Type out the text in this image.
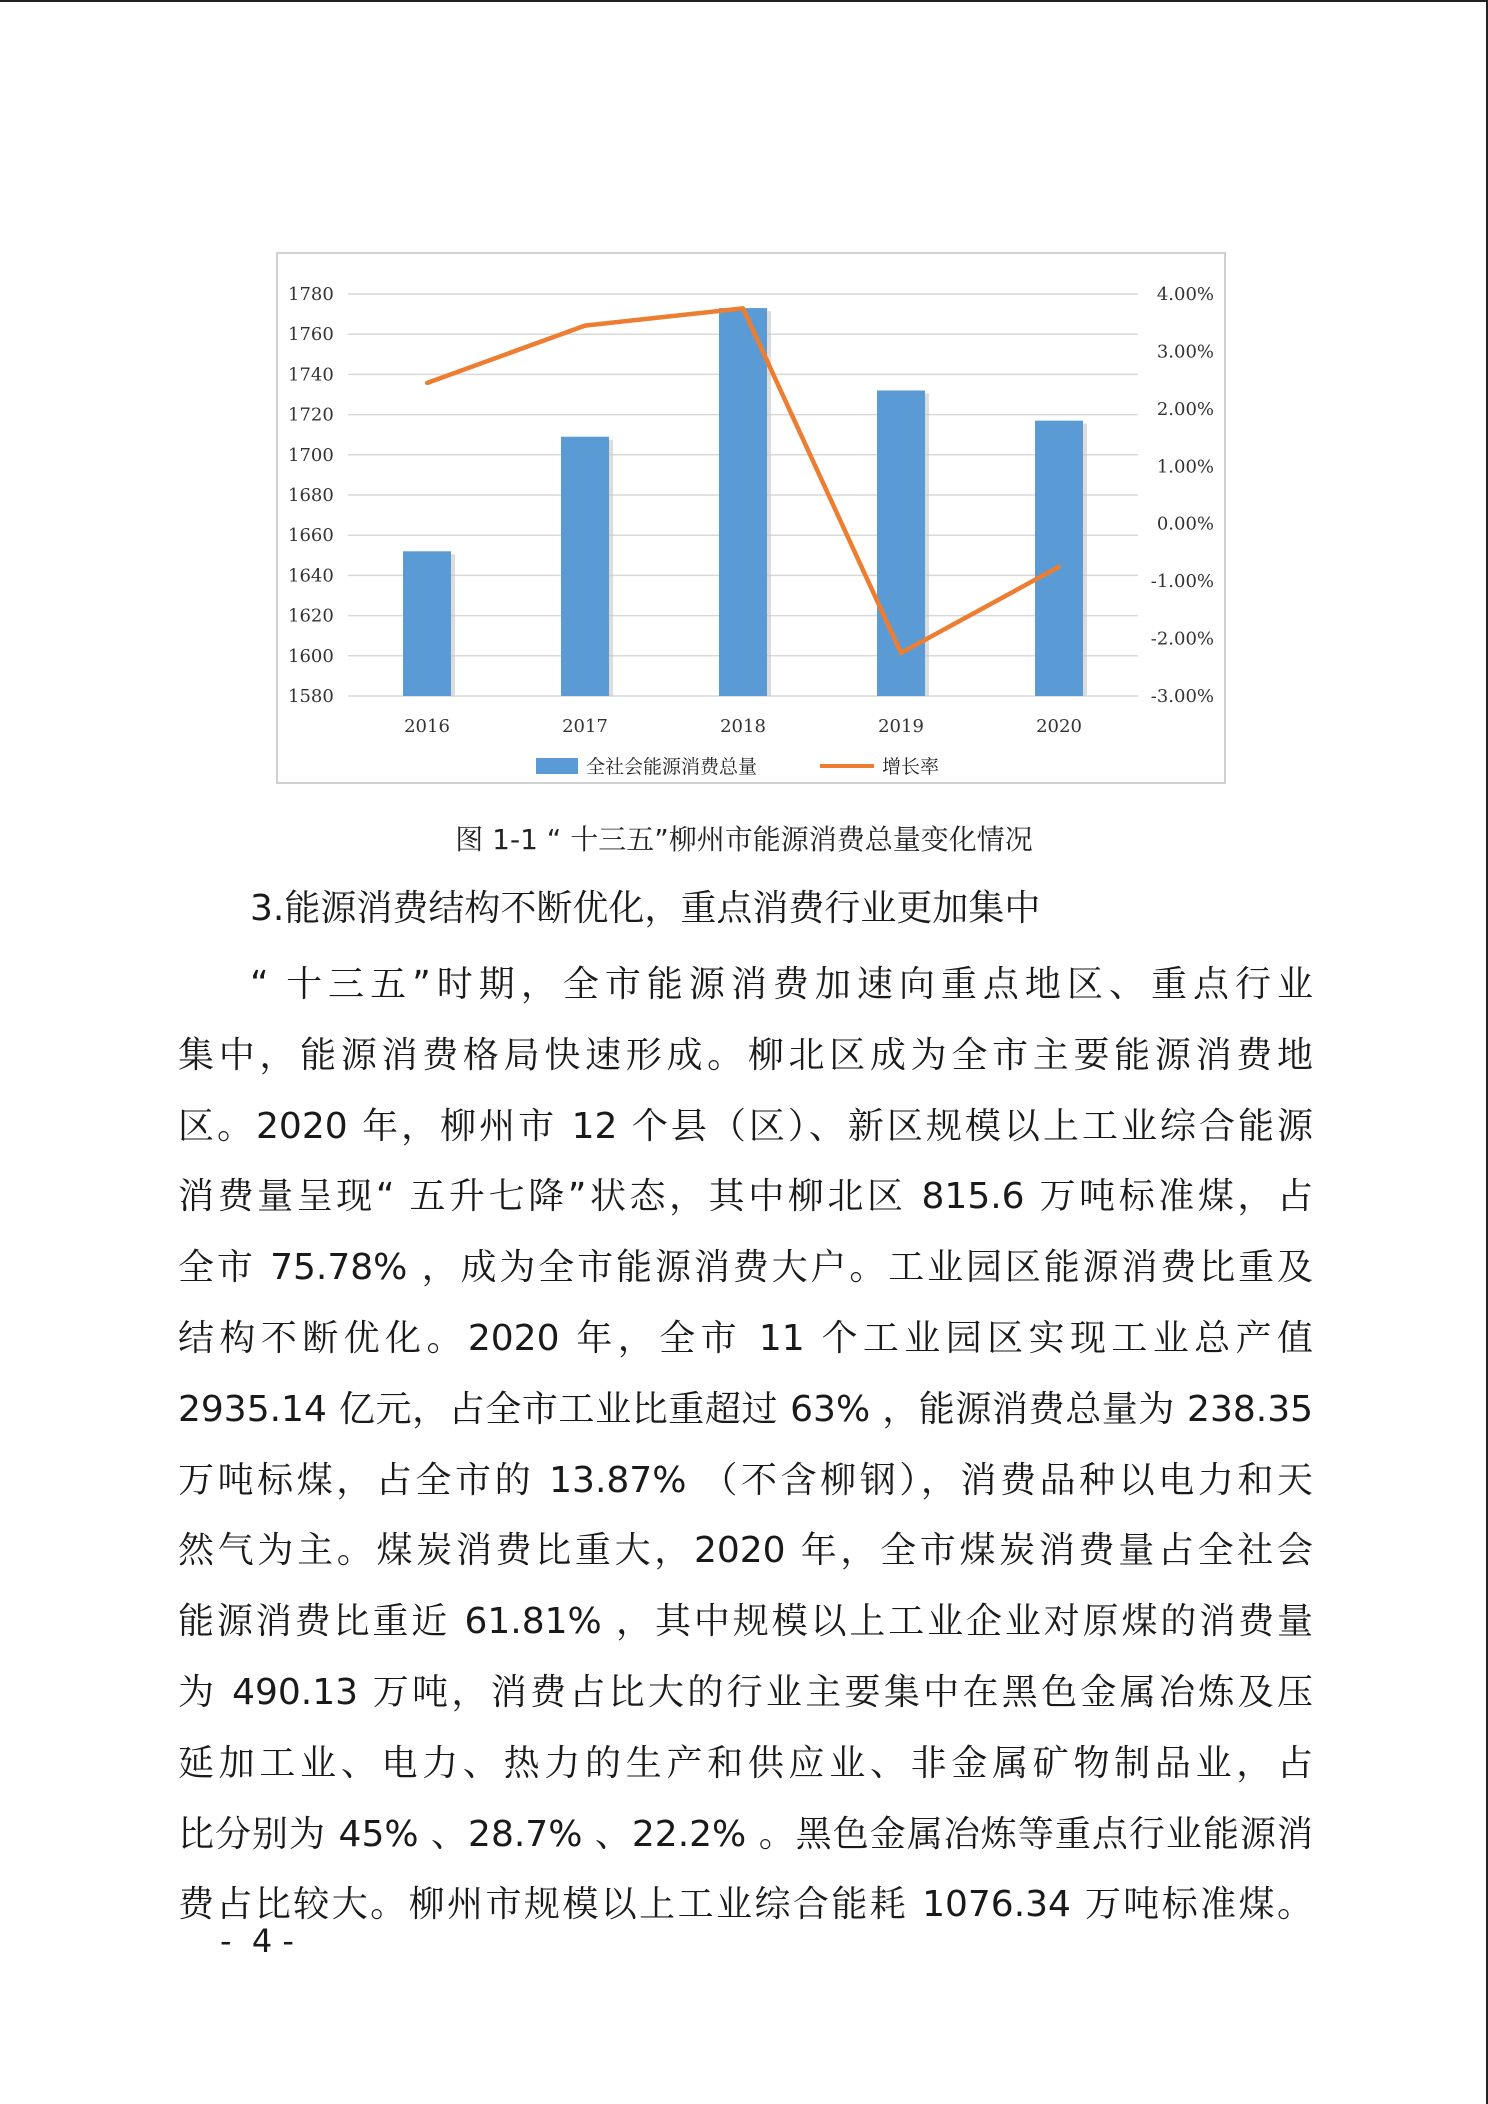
1580
1600
1620
1640
1660
1680
1700
1720
1740
1760
1780
-3.00%
-2.00%
-1.00%
0.00%
1.00%
2.00%
3.00%
4.00%
2016	2017	2018	2019	2020
全社会能源消费总量	增长率
图 1-1 “ 十三五”柳州市能源消费总量变化情况
3.能源消费结构不断优化，重点消费行业更加集中
“ 十三五”时期，全市能源消费加速向重点地区、重点行业
集中，能源消费格局快速形成。柳北区成为全市主要能源消费地
区。2020 年，柳州市 12 个县（区）、新区规模以上工业综合能源
消费量呈现“ 五升七降”状态，其中柳北区 815.6 万吨标准煤，占
全市 75.78% ，成为全市能源消费大户。工业园区能源消费比重及
结构不断优化。2020 年，全市 11 个工业园区实现工业总产值
2935.14 亿元，占全市工业比重超过 63% ，能源消费总量为 238.35
万吨标煤，占全市的 13.87% （不含柳钢），消费品种以电力和天
然气为主。煤炭消费比重大，2020 年，全市煤炭消费量占全社会
能源消费比重近 61.81% ，其中规模以上工业企业对原煤的消费量
为 490.13 万吨，消费占比大的行业主要集中在黑色金属冶炼及压
延加工业、电力、热力的生产和供应业、非金属矿物制品业，占
比分别为 45% 、28.7% 、22.2% 。黑色金属冶炼等重点行业能源消
费占比较大。柳州市规模以上工业综合能耗 1076.34 万吨标准煤。
-  4 -
